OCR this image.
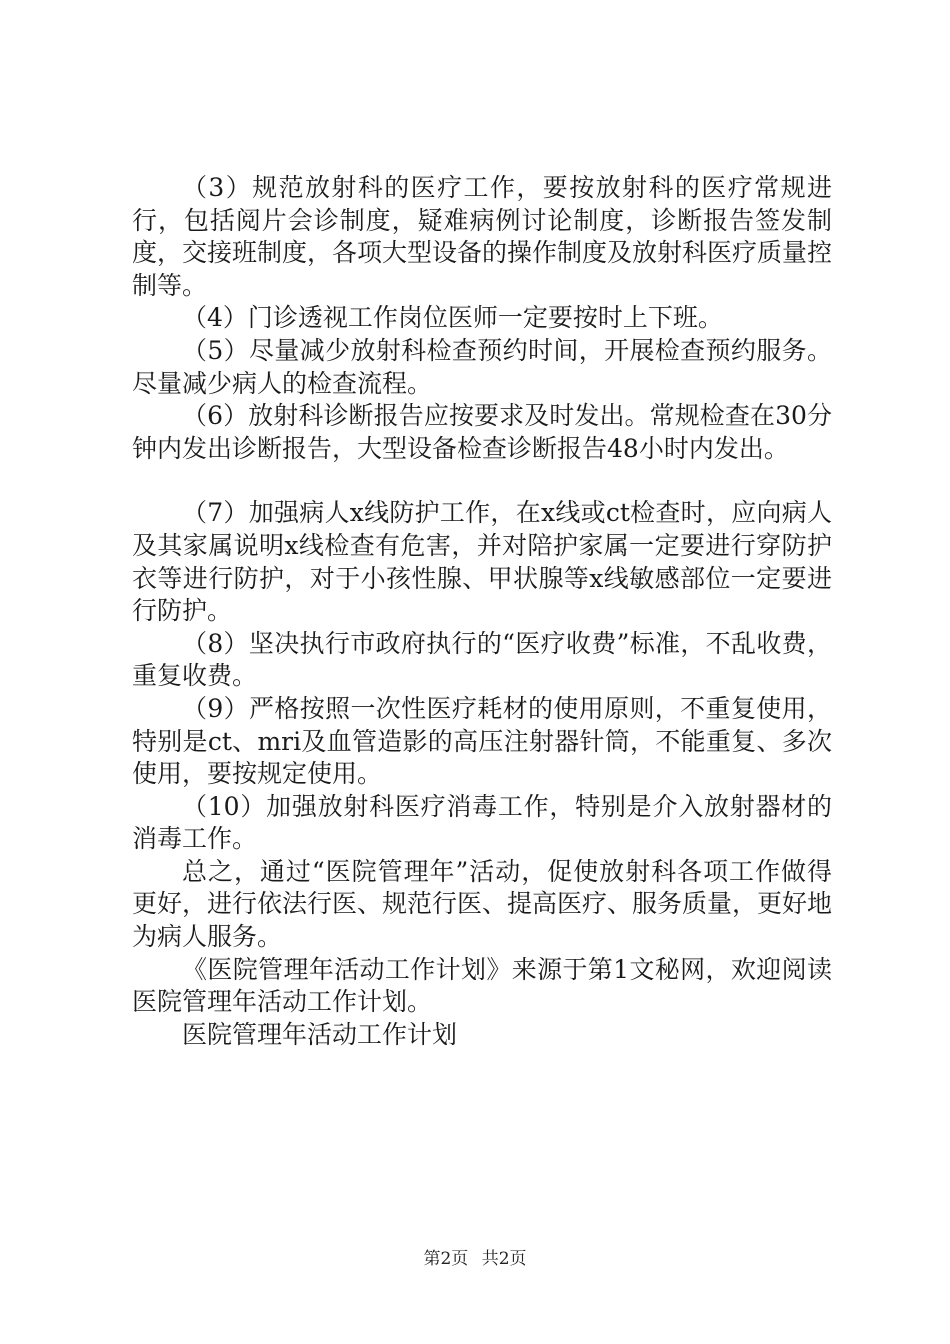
（3）规范放射科的医疗工作，要按放射科的医疗常规进行，包括阅片会诊制度，疑难病例讨论制度，诊断报告签发制度，交接班制度，各项大型设备的操作制度及放射科医疗质量控制等。

（4）门诊透视工作岗位医师一定要按时上下班。

（5）尽量减少放射科检查预约时间，开展检查预约服务。尽量减少病人的检查流程。

（6）放射科诊断报告应按要求及时发出。常规检查在30分钟内发出诊断报告，大型设备检查诊断报告48小时内发出。

（7）加强病人x线防护工作，在x线或ct检查时，应向病人及其家属说明x线检查有危害，并对陪护家属一定要进行穿防护衣等进行防护，对于小孩性腺、甲状腺等x线敏感部位一定要进行防护。

（8）坚决执行市政府执行的“医疗收费”标准，不乱收费，重复收费。

（9）严格按照一次性医疗耗材的使用原则，不重复使用，特别是ct、mri及血管造影的高压注射器针筒，不能重复、多次使用，要按规定使用。

（10）加强放射科医疗消毒工作，特别是介入放射器材的消毒工作。

总之，通过“医院管理年”活动，促使放射科各项工作做得更好，进行依法行医、规范行医、提高医疗、服务质量，更好地为病人服务。

《医院管理年活动工作计划》来源于第1文秘网，欢迎阅读医院管理年活动工作计划。

医院管理年活动工作计划

第2页 共2页
